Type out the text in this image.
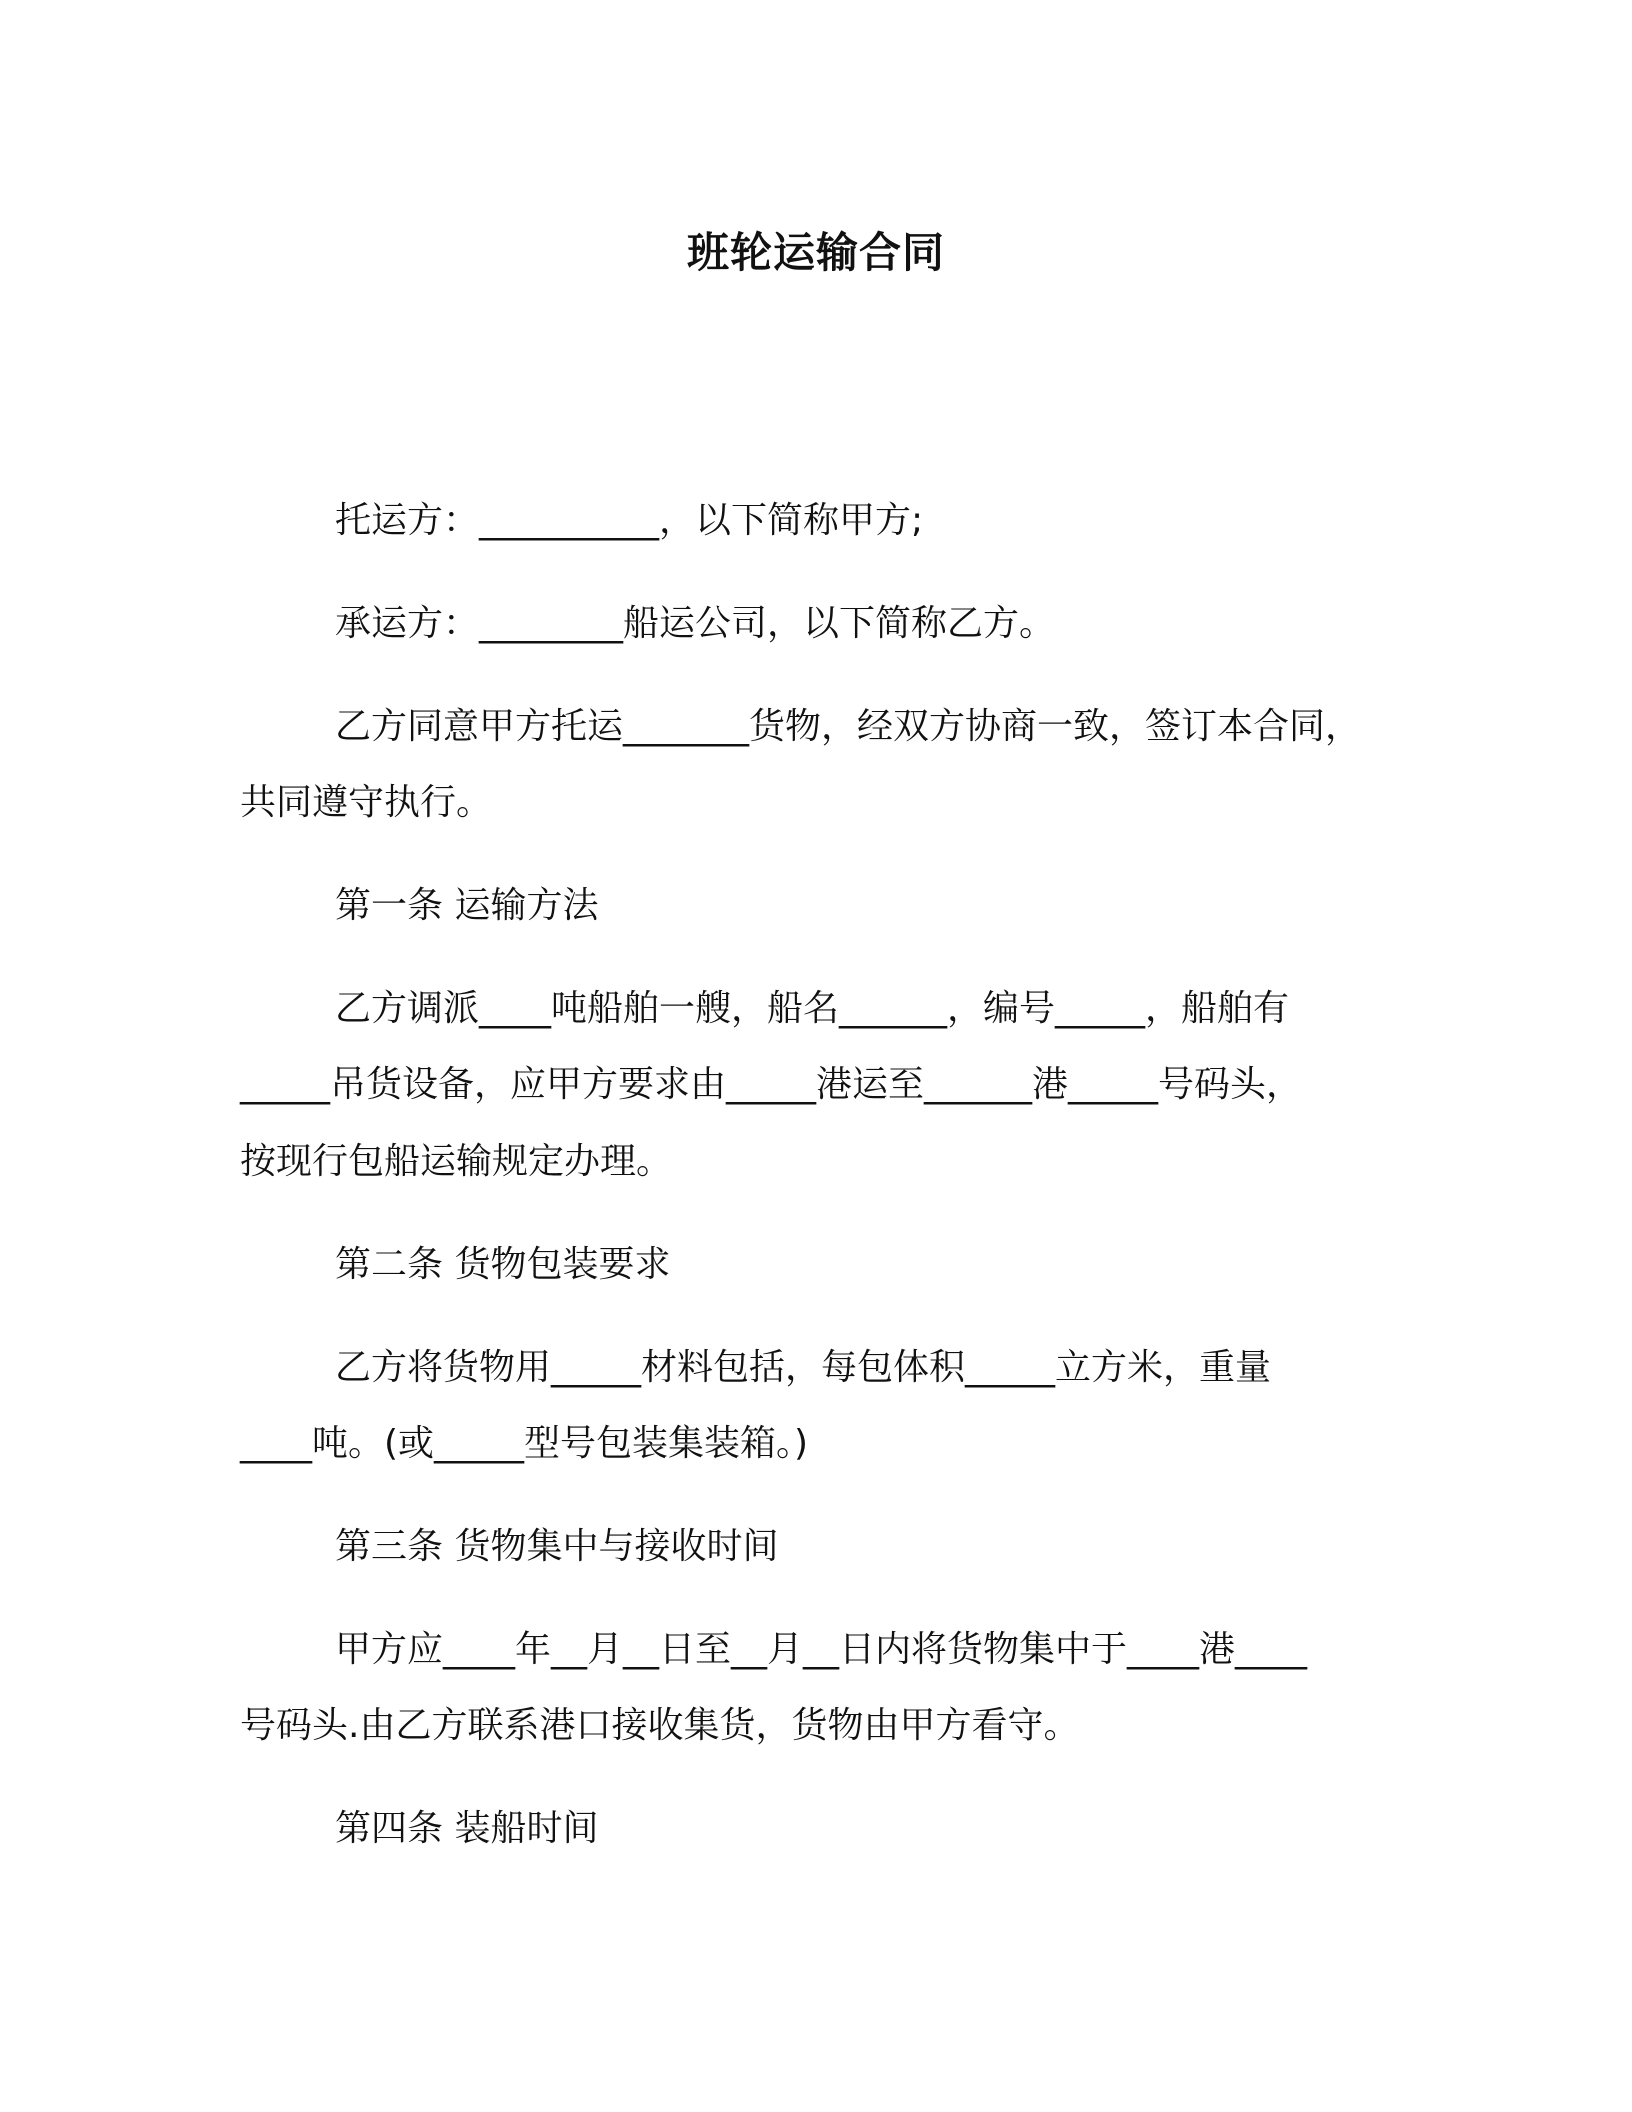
班轮运输合同

托运方：__________，以下简称甲方;

承运方：________船运公司，以下简称乙方。

乙方同意甲方托运_______货物，经双方协商一致，签订本合同，

共同遵守执行。

第一条 运输方法

乙方调派____吨船舶一艘，船名______，编号_____，船舶有

_____吊货设备，应甲方要求由_____港运至______港_____号码头，

按现行包船运输规定办理。

第二条 货物包装要求

乙方将货物用_____材料包括，每包体积_____立方米，重量

____吨。(或_____型号包装集装箱。)

第三条 货物集中与接收时间

甲方应____年__月__日至__月__日内将货物集中于____港____

号码头.由乙方联系港口接收集货，货物由甲方看守。

第四条 装船时间
